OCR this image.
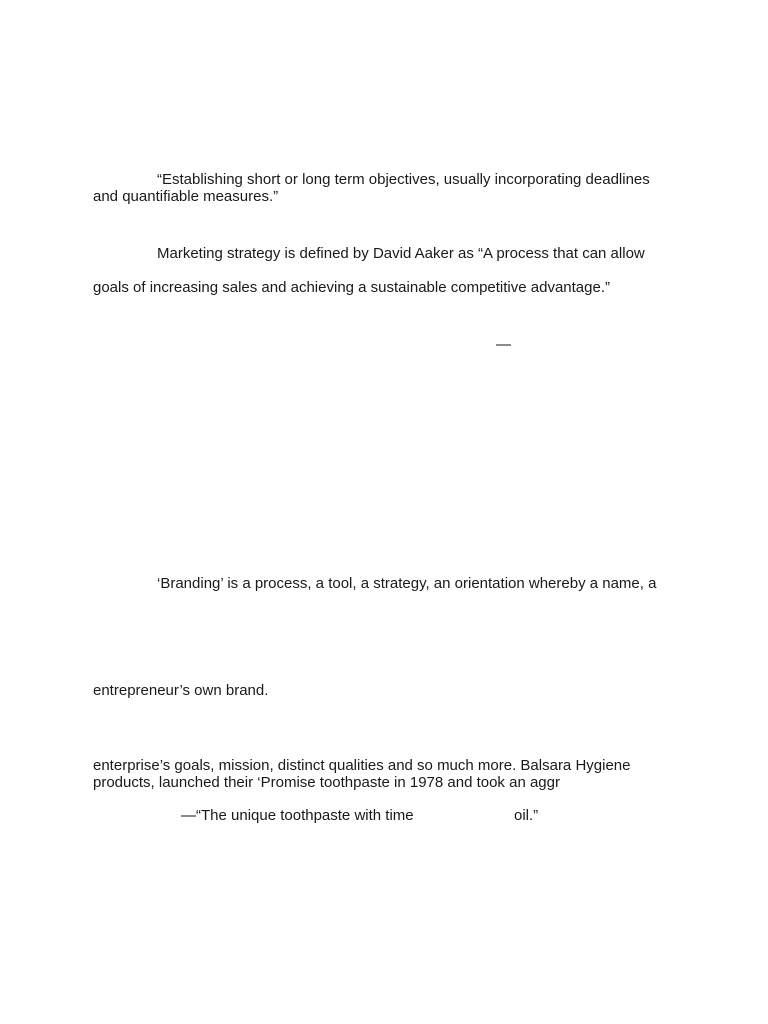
“Establishing short or long term objectives, usually incorporating deadlines
and quantifiable measures.”
Marketing strategy is defined by David Aaker as “A process that can allow
goals of increasing sales and achieving a sustainable competitive advantage.”
—
‘Branding’ is a process, a tool, a strategy, an orientation whereby a name, a
entrepreneur’s own brand.
enterprise’s goals, mission, distinct qualities and so much more. Balsara Hygiene
products, launched their ‘Promise toothpaste in 1978 and took an aggr
—“The unique toothpaste with time	oil.”
